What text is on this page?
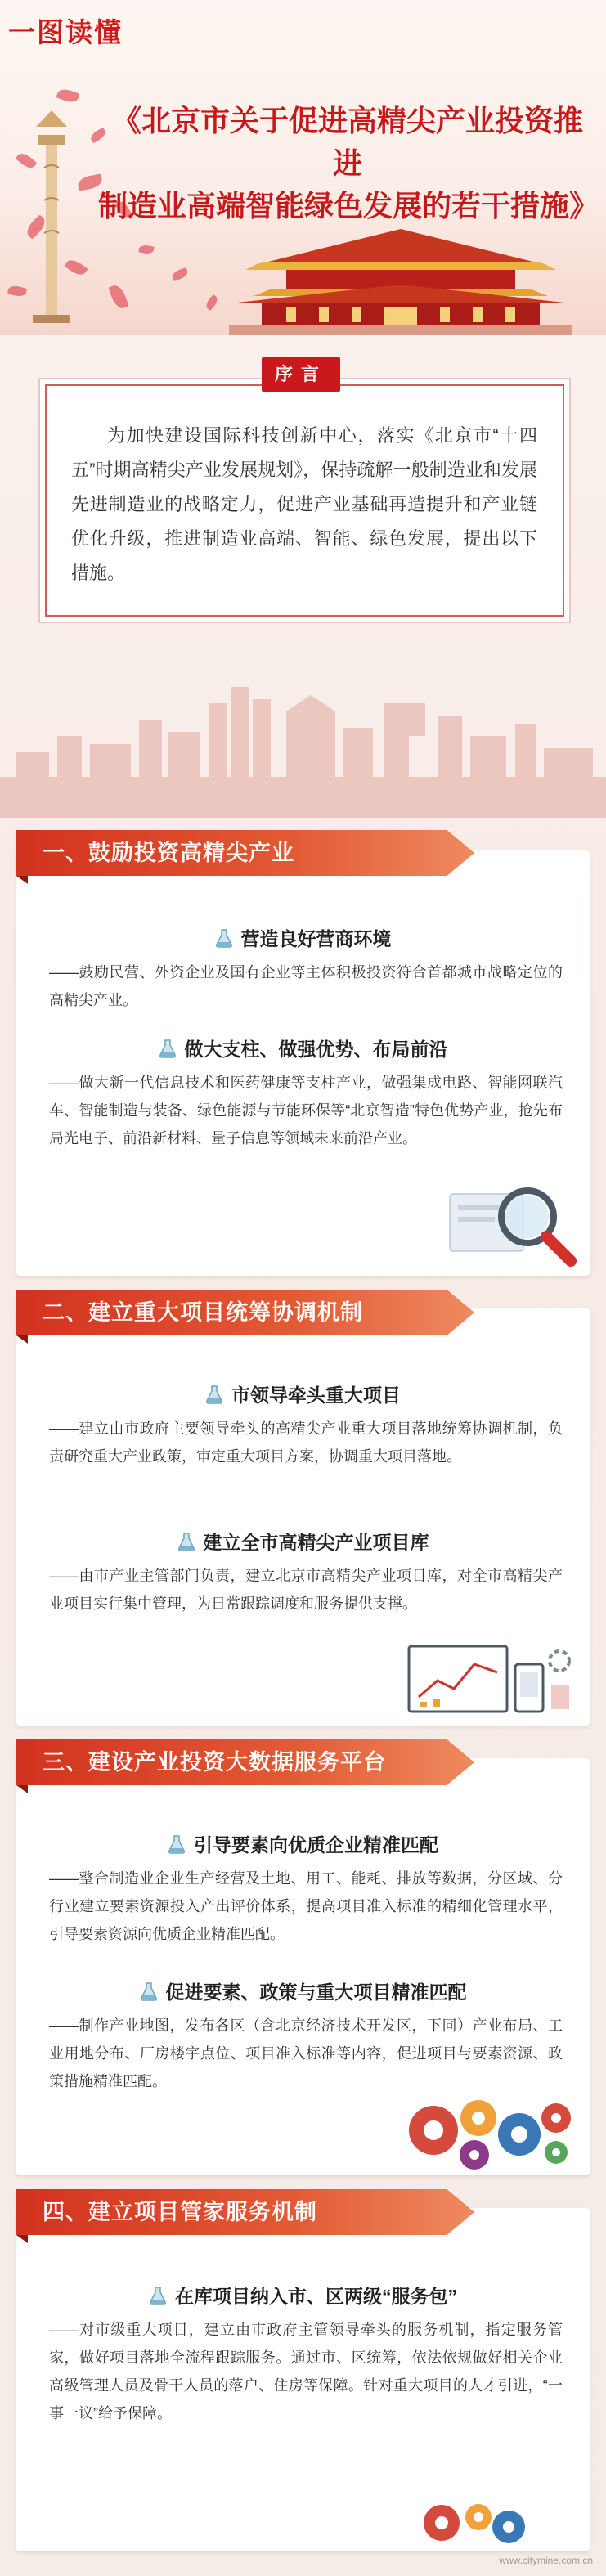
一图读懂
《北京市关于促进高精尖产业投资推进
制造业高端智能绿色发展的若干措施》
序言
为加快建设国际科技创新中心，落实《北京市“十四五”时期高精尖产业发展规划》，保持疏解一般制造业和发展先进制造业的战略定力，促进产业基础再造提升和产业链优化升级，推进制造业高端、智能、绿色发展，提出以下措施。
营造良好营商环境
——鼓励民营、外资企业及国有企业等主体积极投资符合首都城市战略定位的高精尖产业。
做大支柱、做强优势、布局前沿
——做大新一代信息技术和医药健康等支柱产业，做强集成电路、智能网联汽车、智能制造与装备、绿色能源与节能环保等“北京智造”特色优势产业，抢先布局光电子、前沿新材料、量子信息等领域未来前沿产业。
一、鼓励投资高精尖产业
市领导牵头重大项目
——建立由市政府主要领导牵头的高精尖产业重大项目落地统筹协调机制，负责研究重大产业政策，审定重大项目方案，协调重大项目落地。
建立全市高精尖产业项目库
——由市产业主管部门负责，建立北京市高精尖产业项目库，对全市高精尖产业项目实行集中管理，为日常跟踪调度和服务提供支撑。
二、建立重大项目统筹协调机制
引导要素向优质企业精准匹配
——整合制造业企业生产经营及土地、用工、能耗、排放等数据，分区域、分行业建立要素资源投入产出评价体系，提高项目准入标准的精细化管理水平，引导要素资源向优质企业精准匹配。
促进要素、政策与重大项目精准匹配
——制作产业地图，发布各区（含北京经济技术开发区，下同）产业布局、工业用地分布、厂房楼宇点位、项目准入标准等内容，促进项目与要素资源、政策措施精准匹配。
三、建设产业投资大数据服务平台
在库项目纳入市、区两级“服务包”
——对市级重大项目，建立由市政府主管领导牵头的服务机制，指定服务管家，做好项目落地全流程跟踪服务。通过市、区统筹，依法依规做好相关企业高级管理人员及骨干人员的落户、住房等保障。针对重大项目的人才引进，“一事一议”给予保障。
四、建立项目管家服务机制
www.citymine.com.cn
